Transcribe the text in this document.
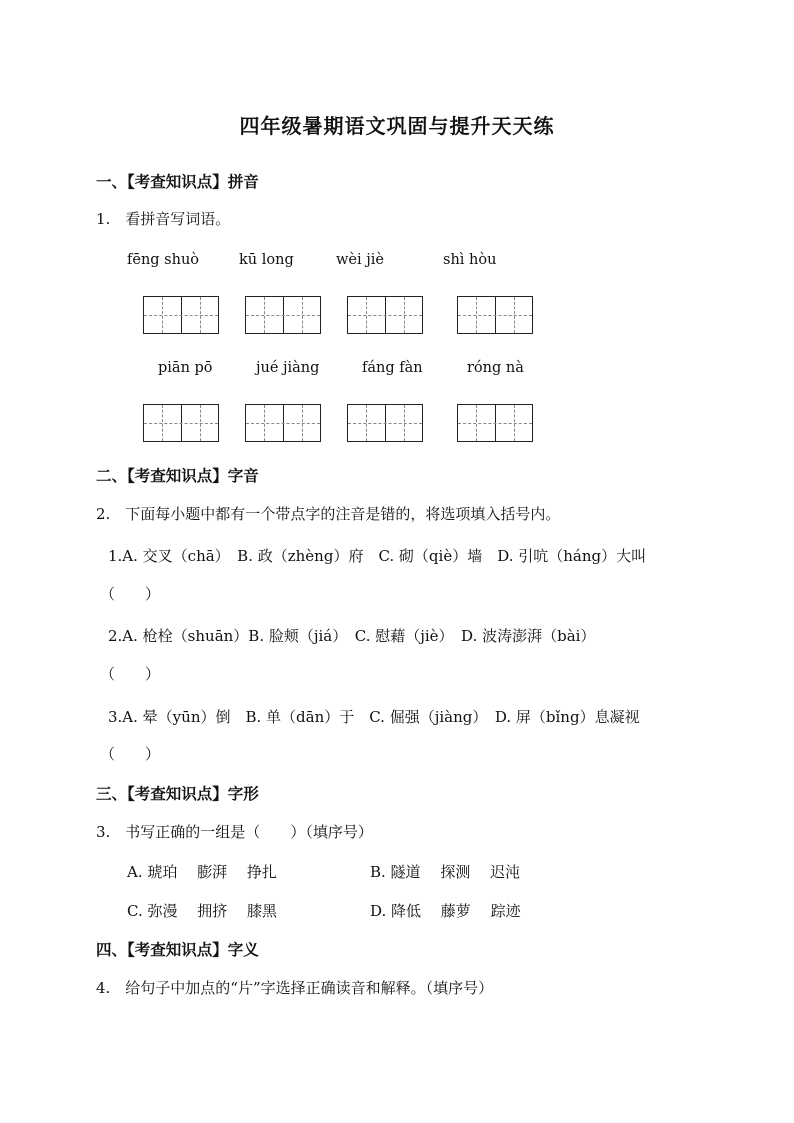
四年级暑期语文巩固与提升天天练
一、【考查知识点】拼音
1.　看拼音写词语。
fēng shuò	kū long	wèi jiè	shì hòu
piān pō	jué jiàng	fáng fàn	róng nà
二、【考查知识点】字音
2.　下面每小题中都有一个带点字的注音是错的，将选项填入括号内。
1.A. 交叉（chā）　B. 政（zhèng）府　C. 砌（qiè）墙　D. 引吭（háng）大叫
（　　）
2.A. 枪栓（shuān）B. 脸颊（jiá）　C. 慰藉（jiè）　D. 波涛澎湃（bài）
（　　）
3.A. 晕（yūn）倒　B. 单（dān）于　C. 倔强（jiàng）　D. 屏（bǐng）息凝视
（　　）
三、【考查知识点】字形
3.　书写正确的一组是（　　）（填序号）
A. 琥珀　 膨湃　 挣扎	B. 隧道　 探测　 迟沌
C. 弥漫　 拥挤　 膝黑	D. 降低　 藤萝　 踪迹
四、【考查知识点】字义
4.　给句子中加点的“片”字选择正确读音和解释。（填序号）
